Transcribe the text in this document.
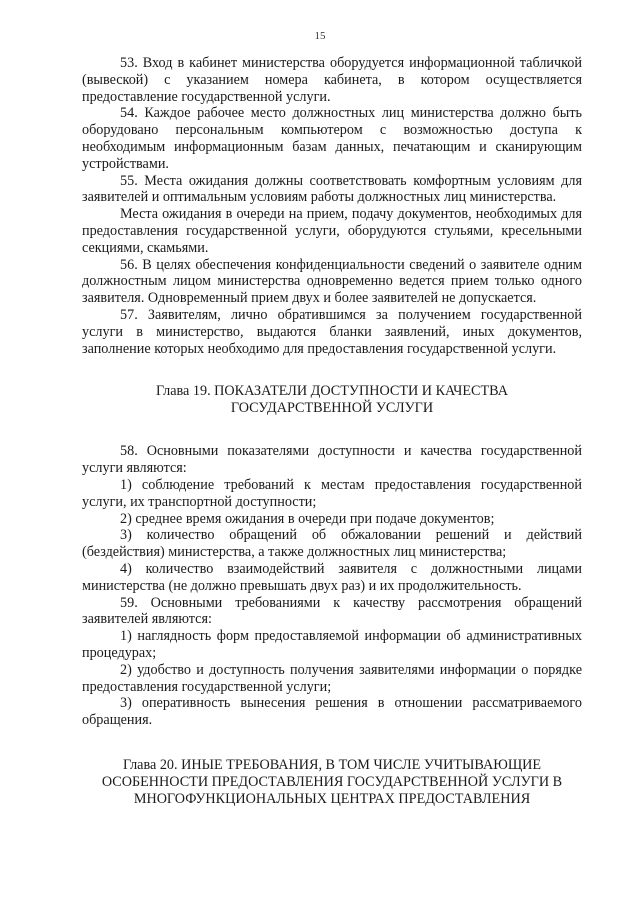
15

53. Вход в кабинет министерства оборудуется информационной табличкой (вывеской) с указанием номера кабинета, в котором осуществляется предоставление государственной услуги.

54. Каждое рабочее место должностных лиц министерства должно быть оборудовано персональным компьютером с возможностью доступа к необходимым информационным базам данных, печатающим и сканирующим устройствами.

55. Места ожидания должны соответствовать комфортным условиям для заявителей и оптимальным условиям работы должностных лиц министерства.

Места ожидания в очереди на прием, подачу документов, необходимых для предоставления государственной услуги, оборудуются стульями, кресельными секциями, скамьями.

56. В целях обеспечения конфиденциальности сведений о заявителе одним должностным лицом министерства одновременно ведется прием только одного заявителя. Одновременный прием двух и более заявителей не допускается.

57. Заявителям, лично обратившимся за получением государственной услуги в министерство, выдаются бланки заявлений, иных документов, заполнение которых необходимо для предоставления государственной услуги.

Глава 19. ПОКАЗАТЕЛИ ДОСТУПНОСТИ И КАЧЕСТВА

ГОСУДАРСТВЕННОЙ УСЛУГИ

58. Основными показателями доступности и качества государственной услуги являются:

1) соблюдение требований к местам предоставления государственной услуги, их транспортной доступности;

2) среднее время ожидания в очереди при подаче документов;

3) количество обращений об обжаловании решений и действий (бездействия) министерства, а также должностных лиц министерства;

4) количество взаимодействий заявителя с должностными лицами министерства (не должно превышать двух раз) и их продолжительность.

59. Основными требованиями к качеству рассмотрения обращений заявителей являются:

1) наглядность форм предоставляемой информации об административных процедурах;

2) удобство и доступность получения заявителями информации о порядке предоставления государственной услуги;

3) оперативность вынесения решения в отношении рассматриваемого обращения.

Глава 20. ИНЫЕ ТРЕБОВАНИЯ, В ТОМ ЧИСЛЕ УЧИТЫВАЮЩИЕ

ОСОБЕННОСТИ ПРЕДОСТАВЛЕНИЯ ГОСУДАРСТВЕННОЙ УСЛУГИ В

МНОГОФУНКЦИОНАЛЬНЫХ ЦЕНТРАХ ПРЕДОСТАВЛЕНИЯ
